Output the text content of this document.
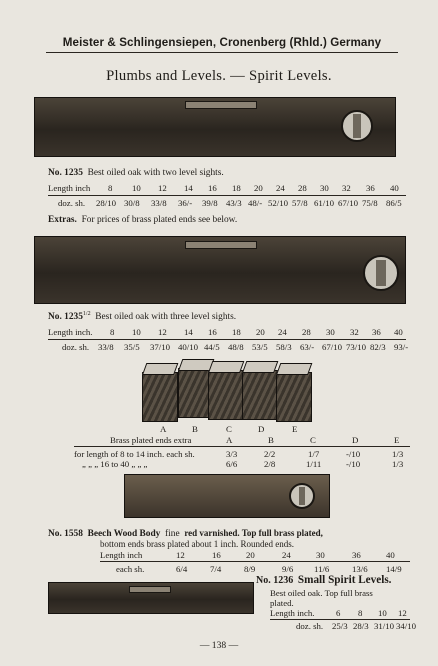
Meister & Schlingensiepen, Cronenberg (Rhld.) Germany
Plumbs and Levels. — Spirit Levels.
No. 1235 Best oiled oak with two level sights.
Length inch 8 10 12 14 16 18 20 24 28 30 32 36 40
doz. sh. 28/10 30/8 33/8 36/- 39/8 43/3 48/- 52/10 57/8 61/10 67/10 75/8 86/5
Extras. For prices of brass plated ends see below.
No. $1235^{1/2}$ Best oiled oak with three level sights.
Length inch. 8 10 12 14 16 18 20 24 28 30 32 36 40
doz. sh. 33/8 35/5 37/10 40/10 44/5 48/8 53/5 58/3 63/- 67/10 73/10 82/3 93/-
A	B	C	D	E
Brass plated ends extra	A	B	C	D	E
for length of 8 to 14 inch. each sh.	3/3	2/2	1/7	-/10	1/3
„ „ „ 16 to 40 „ „ „	6/6	2/8	1/11	-/10	1/3
No. 1558 Beech Wood Body fine red varnished. Top full brass plated,
bottom ends brass plated about 1 inch. Rounded ends.
Length inch	12	16	20	24	30	36	40
each sh.	6/4	7/4	8/9	9/6 11/6	13/6 14/9
No. 1236 Small Spirit Levels.
Best oiled oak. Top full brass
plated.
Length inch. 6 8 10 12
doz. sh. 25/3 28/3 31/10 34/10
— 138 —
